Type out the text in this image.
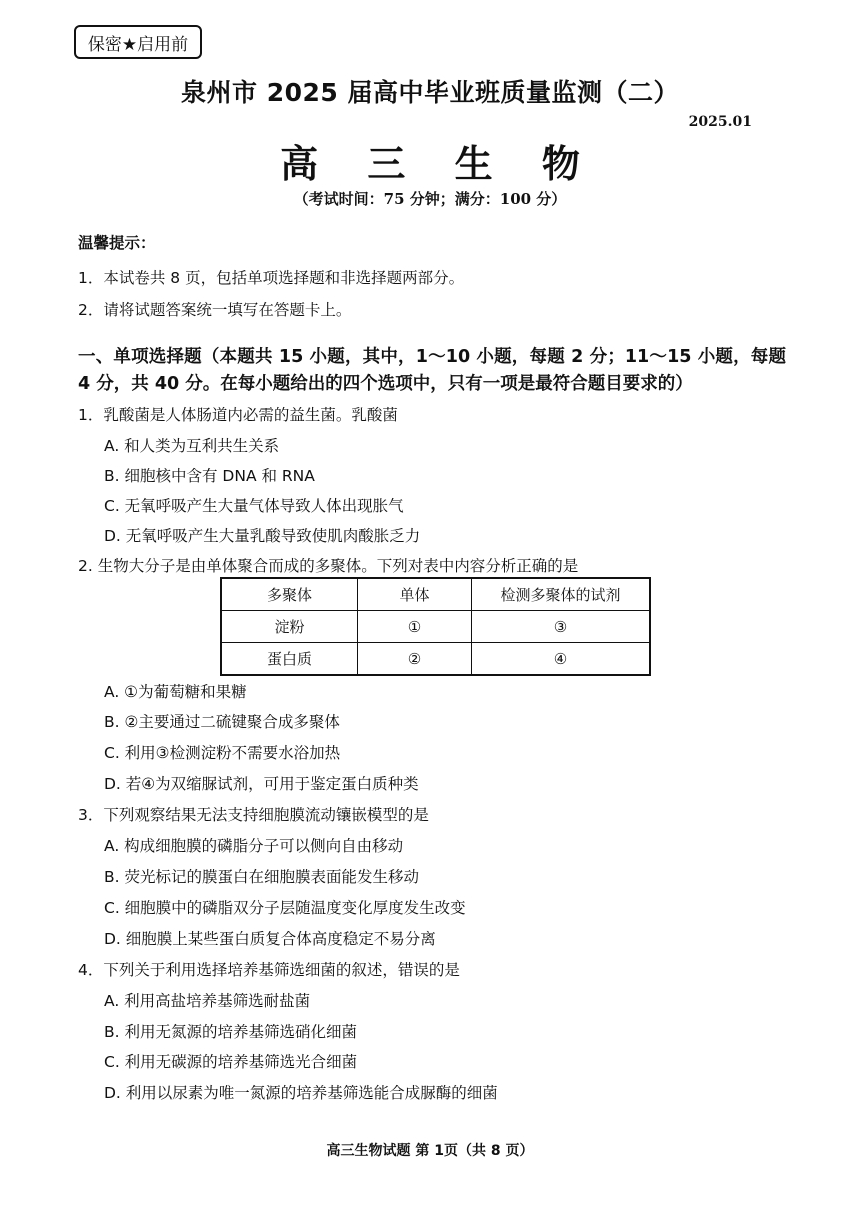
保密★启用前
泉州市 2025 届高中毕业班质量监测（二）
2025.01
高 三 生 物
（考试时间：75 分钟；满分：100 分）
温馨提示：
1．本试卷共 8 页，包括单项选择题和非选择题两部分。
2．请将试题答案统一填写在答题卡上。
一、单项选择题（本题共 15 小题，其中，1～10 小题，每题 2 分；11～15 小题，每题 4 分，共 40 分。在每小题给出的四个选项中，只有一项是最符合题目要求的）
1．乳酸菌是人体肠道内必需的益生菌。乳酸菌
A. 和人类为互利共生关系
B. 细胞核中含有 DNA 和 RNA
C. 无氧呼吸产生大量气体导致人体出现胀气
D. 无氧呼吸产生大量乳酸导致使肌肉酸胀乏力
2. 生物大分子是由单体聚合而成的多聚体。下列对表中内容分析正确的是
多聚体	单体	检测多聚体的试剂
淀粉	①	③
蛋白质	②	④
A. ①为葡萄糖和果糖
B. ②主要通过二硫键聚合成多聚体
C. 利用③检测淀粉不需要水浴加热
D. 若④为双缩脲试剂，可用于鉴定蛋白质种类
3．下列观察结果无法支持细胞膜流动镶嵌模型的是
A. 构成细胞膜的磷脂分子可以侧向自由移动
B. 荧光标记的膜蛋白在细胞膜表面能发生移动
C. 细胞膜中的磷脂双分子层随温度变化厚度发生改变
D. 细胞膜上某些蛋白质复合体高度稳定不易分离
4．下列关于利用选择培养基筛选细菌的叙述，错误的是
A. 利用高盐培养基筛选耐盐菌
B. 利用无氮源的培养基筛选硝化细菌
C. 利用无碳源的培养基筛选光合细菌
D. 利用以尿素为唯一氮源的培养基筛选能合成脲酶的细菌
高三生物试题 第 1页（共 8 页）
